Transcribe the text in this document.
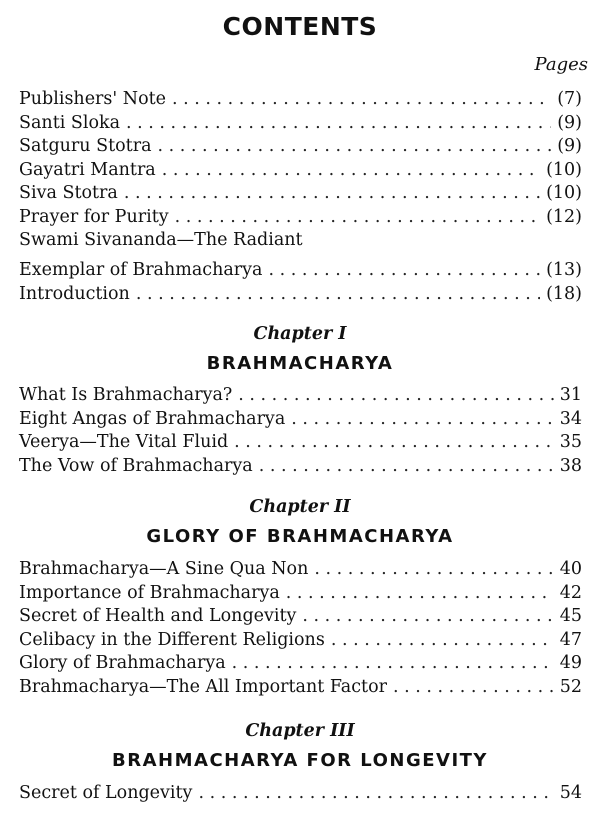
CONTENTS
Pages
Publishers' Note . . .	(7)
Santi Sloka . . .	(9)
Satguru Stotra . . .	(9)
Gayatri Mantra . . .	(10)
Siva Stotra . . .	(10)
Prayer for Purity . . .	(12)
Swami Sivananda—The Radiant
Exemplar of Brahmacharya . . .	(13)
Introduction . . .	(18)
Chapter I
BRAHMACHARYA
What Is Brahmacharya? . . .	31
Eight Angas of Brahmacharya . . .	34
Veerya—The Vital Fluid . . .	35
The Vow of Brahmacharya . . .	38
Chapter II
GLORY OF BRAHMACHARYA
Brahmacharya—A Sine Qua Non . . .	40
Importance of Brahmacharya . . .	42
Secret of Health and Longevity . . .	45
Celibacy in the Different Religions . . .	47
Glory of Brahmacharya . . .	49
Brahmacharya—The All Important Factor . . .	52
Chapter III
BRAHMACHARYA FOR LONGEVITY
Secret of Longevity . . .	54
